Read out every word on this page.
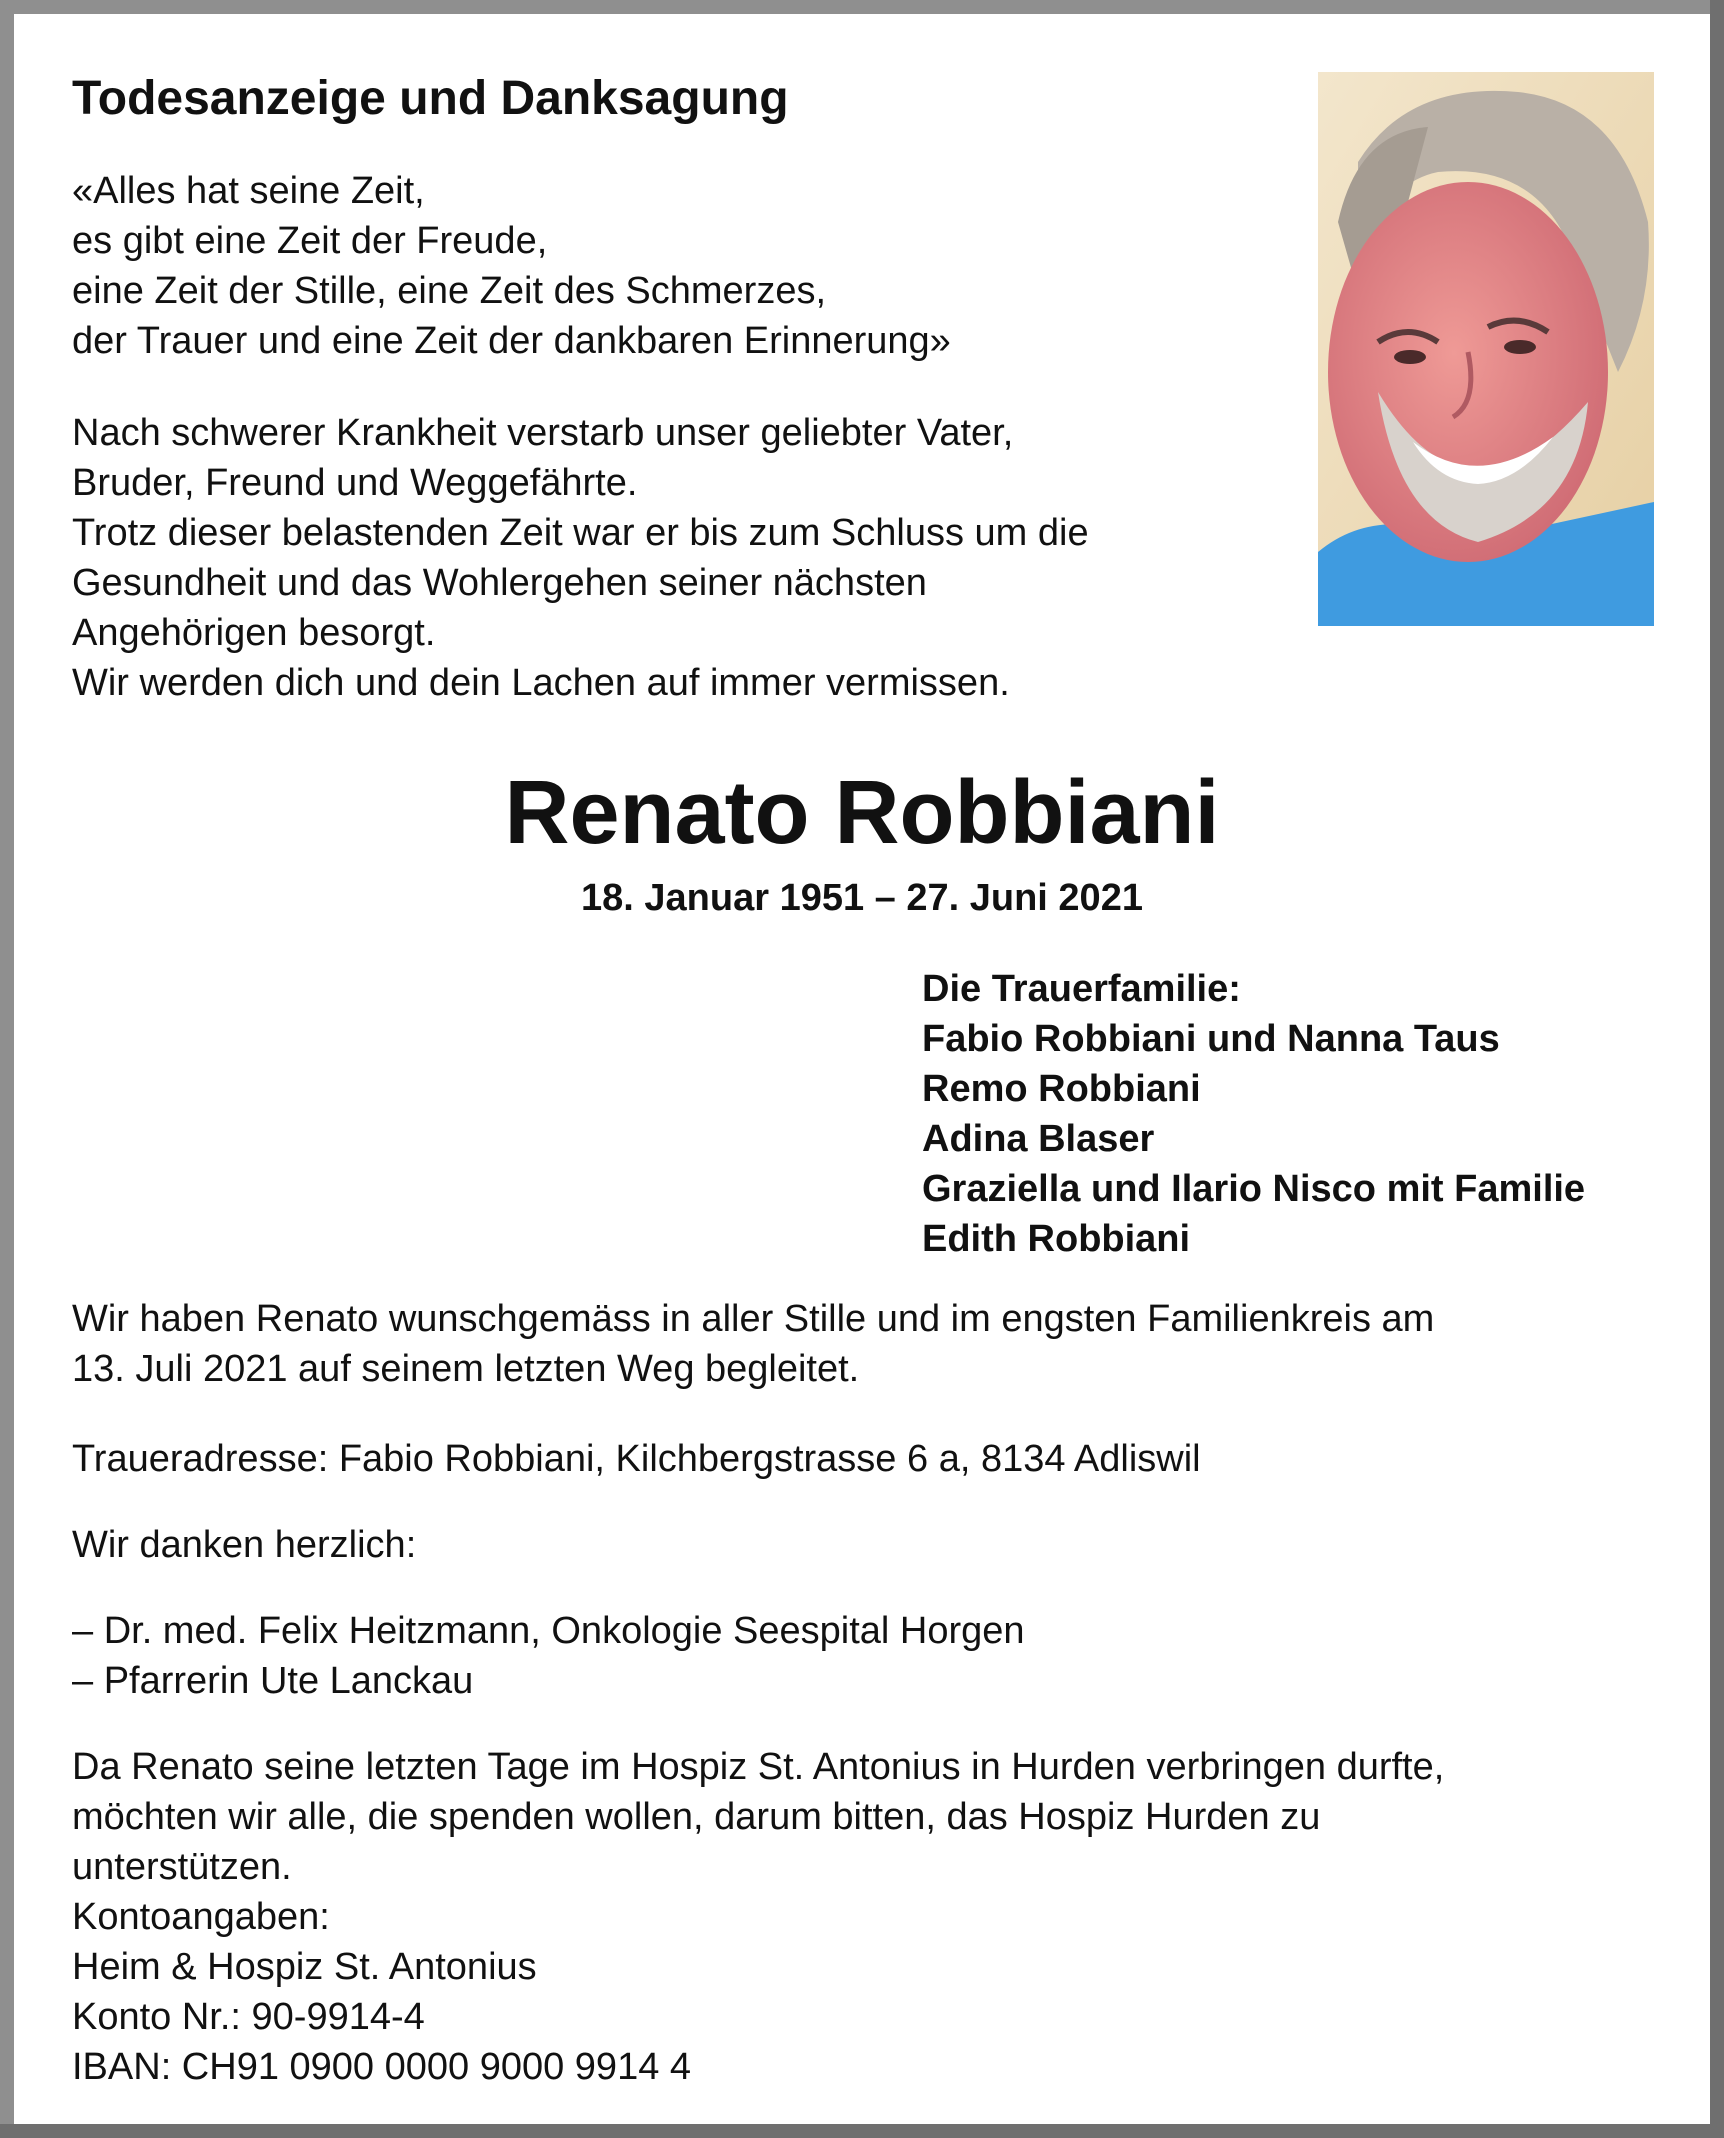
Todesanzeige und Danksagung

«Alles hat seine Zeit,
es gibt eine Zeit der Freude,
eine Zeit der Stille, eine Zeit des Schmerzes,
der Trauer und eine Zeit der dankbaren Erinnerung»

Nach schwerer Krankheit verstarb unser geliebter Vater,
Bruder, Freund und Weggefährte.
Trotz dieser belastenden Zeit war er bis zum Schluss um die
Gesundheit und das Wohlergehen seiner nächsten
Angehörigen besorgt.
Wir werden dich und dein Lachen auf immer vermissen.

Renato Robbiani

18. Januar 1951 – 27. Juni 2021

Die Trauerfamilie:
Fabio Robbiani und Nanna Taus
Remo Robbiani
Adina Blaser
Graziella und Ilario Nisco mit Familie
Edith Robbiani

Wir haben Renato wunschgemäss in aller Stille und im engsten Familienkreis am
13. Juli 2021 auf seinem letzten Weg begleitet.

Traueradresse: Fabio Robbiani, Kilchbergstrasse 6 a, 8134 Adliswil

Wir danken herzlich:

– Dr. med. Felix Heitzmann, Onkologie Seespital Horgen
– Pfarrerin Ute Lanckau

Da Renato seine letzten Tage im Hospiz St. Antonius in Hurden verbringen durfte,
möchten wir alle, die spenden wollen, darum bitten, das Hospiz Hurden zu
unterstützen.
Kontoangaben:
Heim & Hospiz St. Antonius
Konto Nr.: 90-9914-4
IBAN: CH91 0900 0000 9000 9914 4
